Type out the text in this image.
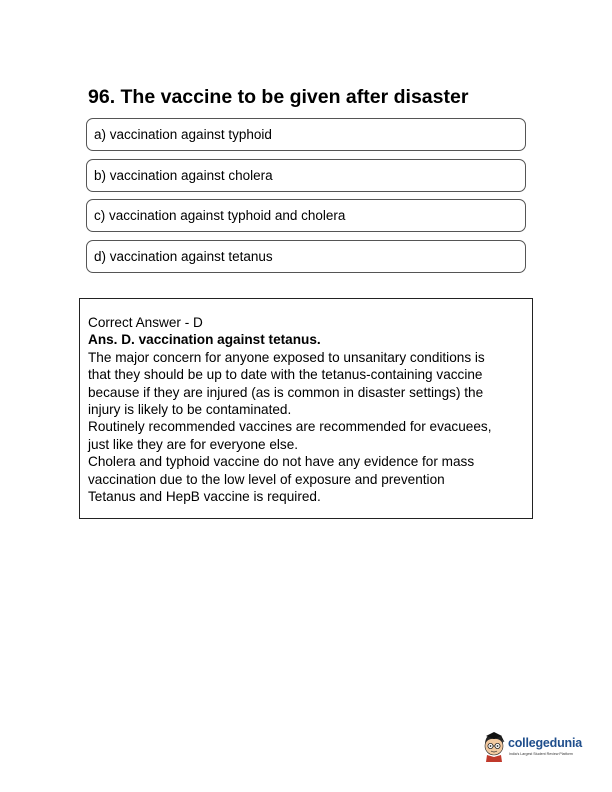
96. The vaccine to be given after disaster
a) vaccination against typhoid
b) vaccination against cholera
c) vaccination against typhoid and cholera
d) vaccination against tetanus

Correct Answer - D

Ans. D. vaccination against tetanus.

The major concern for anyone exposed to unsanitary conditions is

that they should be up to date with the tetanus-containing vaccine

because if they are injured (as is common in disaster settings) the

injury is likely to be contaminated.

Routinely recommended vaccines are recommended for evacuees,

just like they are for everyone else.

Cholera and typhoid vaccine do not have any evidence for mass

vaccination due to the low level of exposure and prevention

Tetanus and HepB vaccine is required.

collegedunia
India's Largest Student Review Platform
